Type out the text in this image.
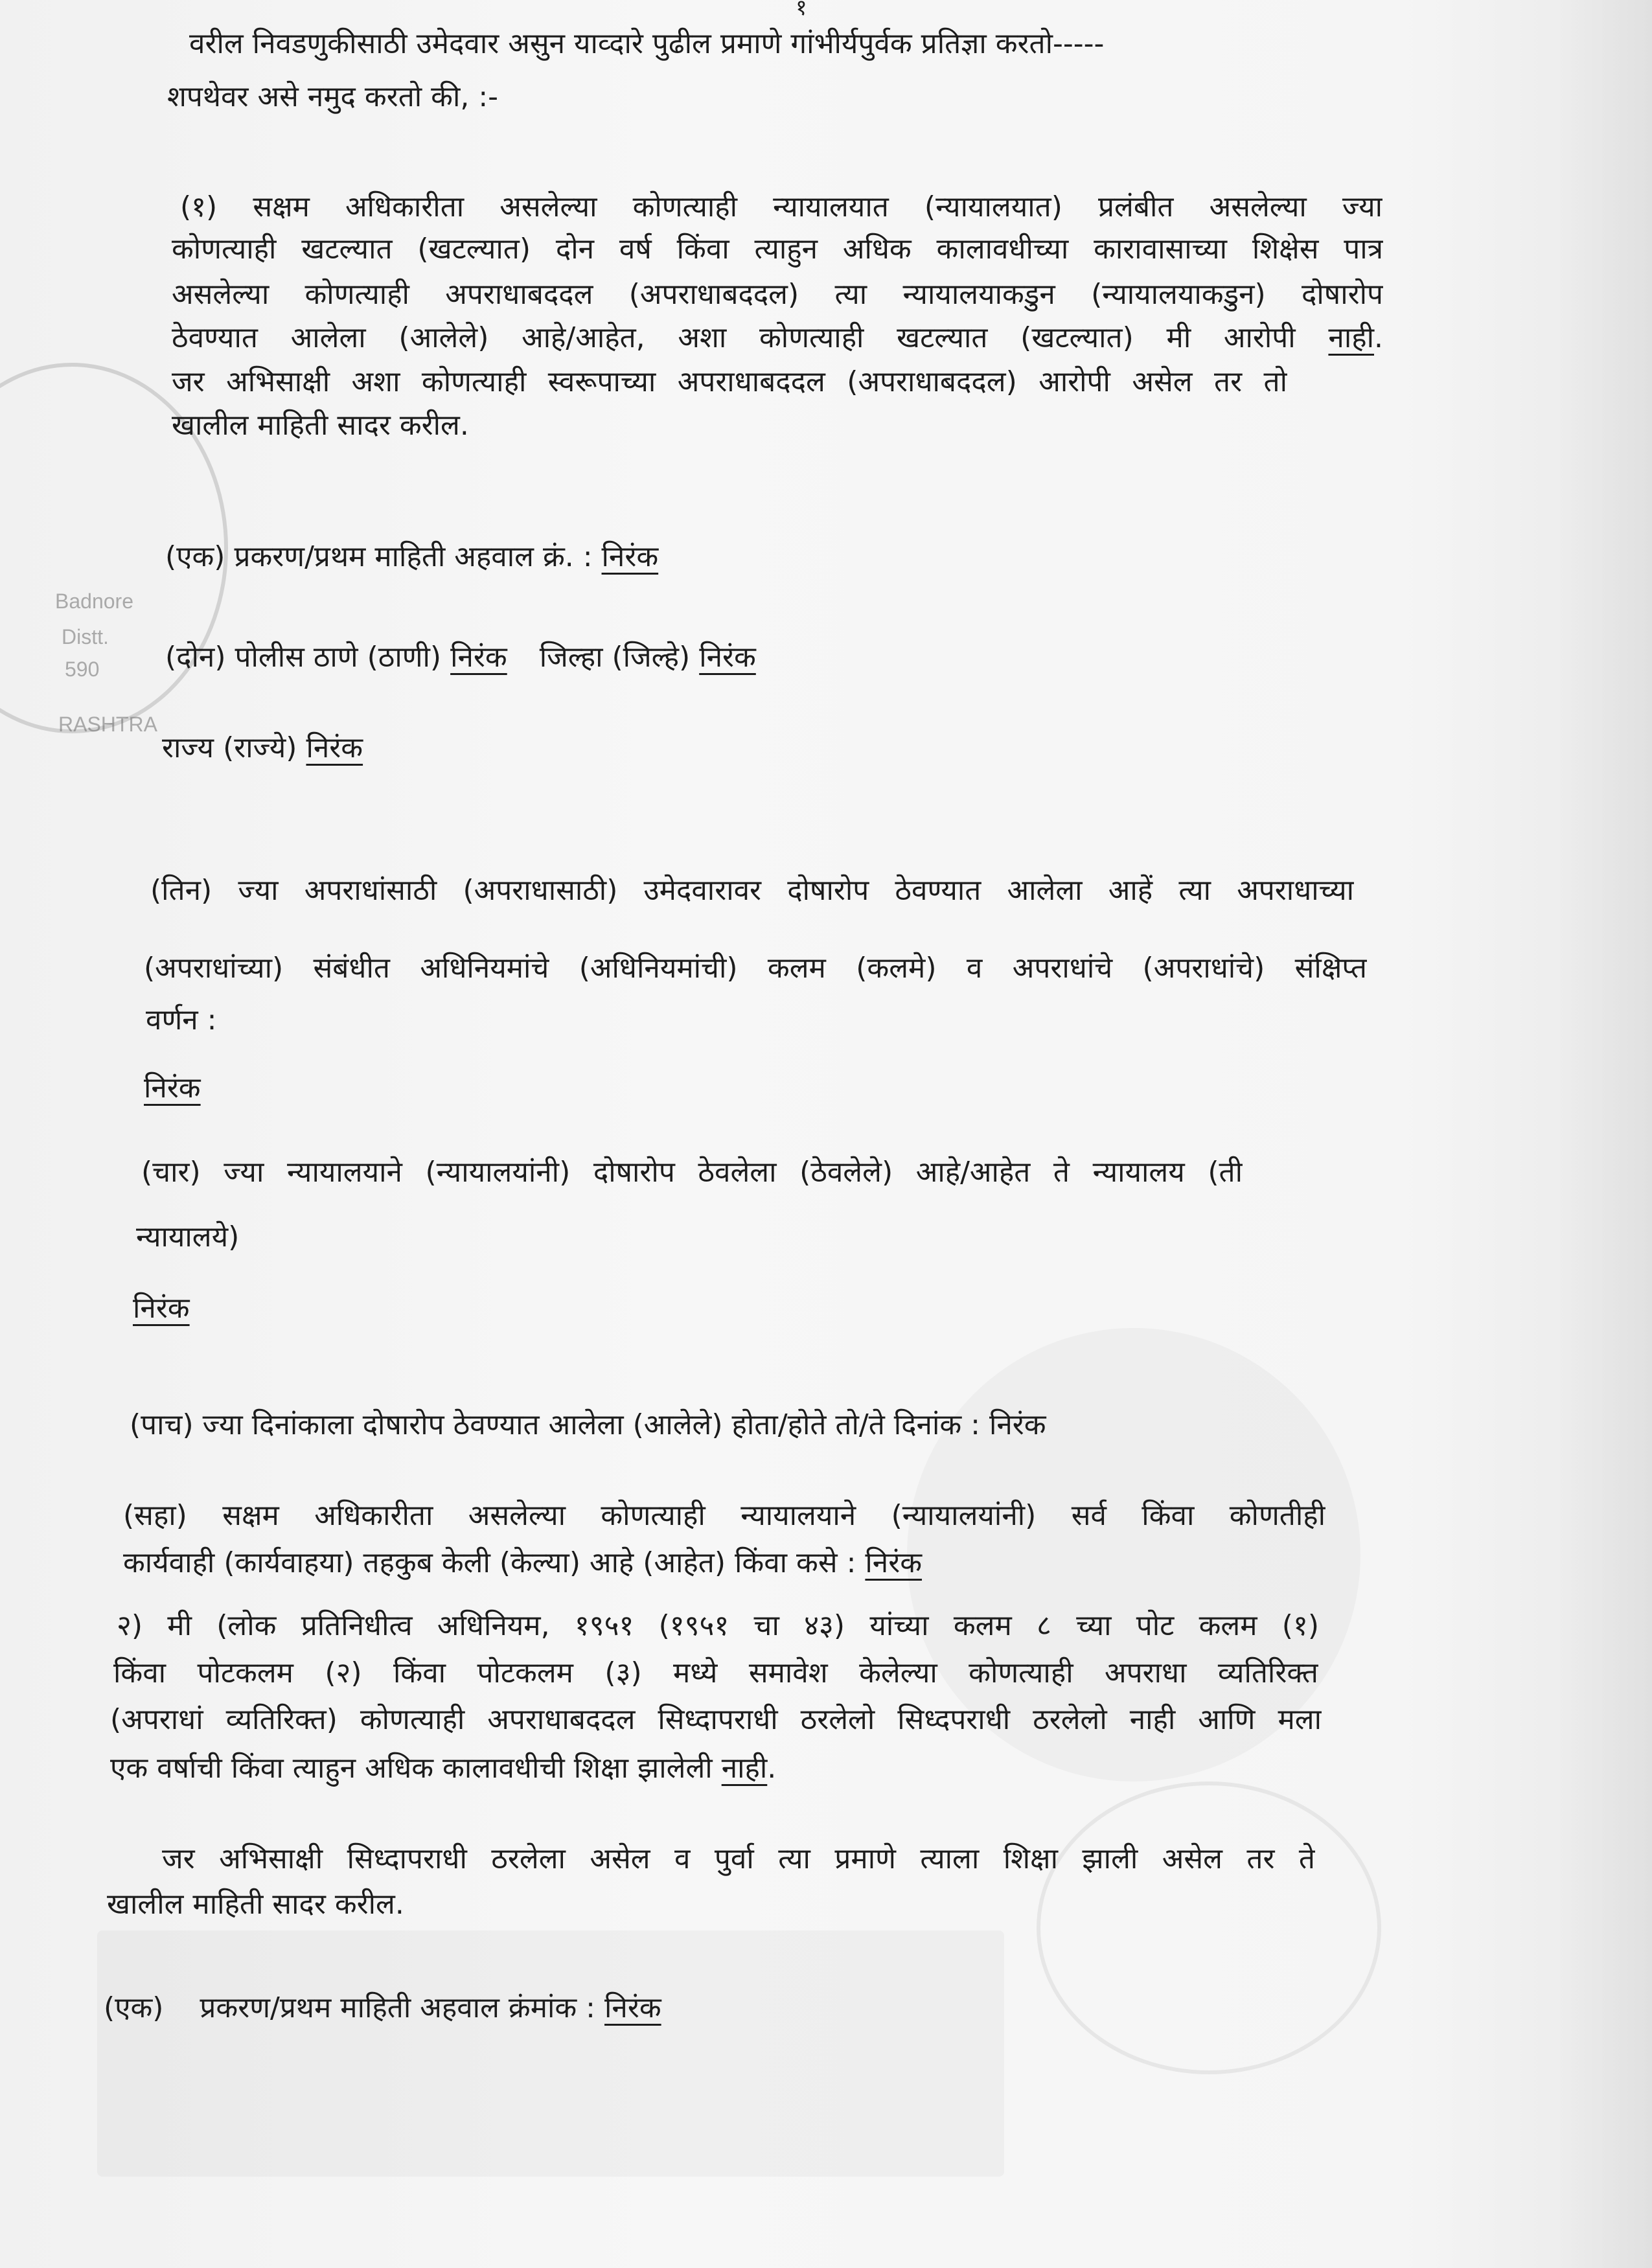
Badnore
Distt.
590
RASHTRA
१
वरील निवडणुकीसाठी उमेदवार असुन याव्दारे पुढील प्रमाणे गांभीर्यपुर्वक प्रतिज्ञा करतो-----
शपथेवर असे नमुद करतो की, :-
(१) सक्षम अधिकारीता असलेल्या कोणत्याही न्यायालयात (न्यायालयात) प्रलंबीत असलेल्या ज्या
कोणत्याही खटल्यात (खटल्यात) दोन वर्ष किंवा त्याहुन अधिक कालावधीच्या कारावासाच्या शिक्षेस पात्र
असलेल्या कोणत्याही अपराधाबददल (अपराधाबददल) त्या न्यायालयाकडुन (न्यायालयाकडुन) दोषारोप
ठेवण्यात आलेला (आलेले) आहे/आहेत, अशा कोणत्याही खटल्यात (खटल्यात) मी आरोपी नाही.
जर अभिसाक्षी अशा कोणत्याही स्वरूपाच्या अपराधाबददल (अपराधाबददल) आरोपी असेल तर तो
खालील माहिती सादर करील.
(एक) प्रकरण/प्रथम माहिती अहवाल क्रं. : निरंक
(दोन) पोलीस ठाणे (ठाणी) निरंक जिल्हा (जिल्हे) निरंक
राज्य (राज्ये) निरंक
(तिन) ज्या अपराधांसाठी (अपराधासाठी) उमेदवारावर दोषारोप ठेवण्यात आलेला आहें त्या अपराधाच्या
(अपराधांच्या) संबंधीत अधिनियमांचे (अधिनियमांची) कलम (कलमे) व अपराधांचे (अपराधांचे) संक्षिप्त
वर्णन :
निरंक
(चार) ज्या न्यायालयाने (न्यायालयांनी) दोषारोप ठेवलेला (ठेवलेले) आहे/आहेत ते न्यायालय (ती
न्यायालये)
निरंक
(पाच) ज्या दिनांकाला दोषारोप ठेवण्यात आलेला (आलेले) होता/होते तो/ते दिनांक : निरंक
(सहा) सक्षम अधिकारीता असलेल्या कोणत्याही न्यायालयाने (न्यायालयांनी) सर्व किंवा कोणतीही
कार्यवाही (कार्यवाहया) तहकुब केली (केल्या) आहे (आहेत) किंवा कसे : निरंक
२) मी (लोक प्रतिनिधीत्व अधिनियम, १९५१ (१९५१ चा ४३) यांच्या कलम ८ च्या पोट कलम (१)
किंवा पोटकलम (२) किंवा पोटकलम (३) मध्ये समावेश केलेल्या कोणत्याही अपराधा व्यतिरिक्त
(अपराधां व्यतिरिक्त) कोणत्याही अपराधाबददल सिध्दापराधी ठरलेलो सिध्दपराधी ठरलेलो नाही आणि मला
एक वर्षाची किंवा त्याहुन अधिक कालावधीची शिक्षा झालेली नाही.
जर अभिसाक्षी सिध्दापराधी ठरलेला असेल व पुर्वा त्या प्रमाणे त्याला शिक्षा झाली असेल तर ते
खालील माहिती सादर करील.
(एक)    प्रकरण/प्रथम माहिती अहवाल क्रंमांक : निरंक
